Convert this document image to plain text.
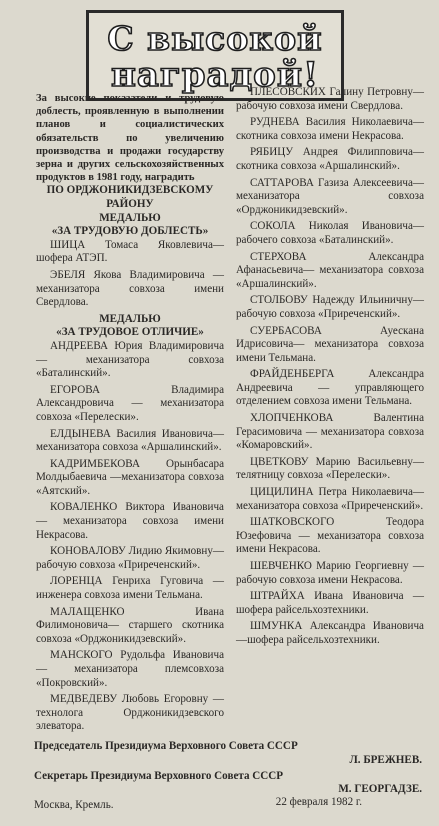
С высокой
наградой!

За высокие показатели и трудовую доблесть, проявленную в выполнении планов и социалистических обязательств по увеличению производства и продажи государству зерна и других сельскохозяйственных продуктов в 1981 году, наградить

ПО ОРДЖОНИКИДЗЕВСКОМУ РАЙОНУ

МЕДАЛЬЮ

«ЗА ТРУДОВУЮ ДОБЛЕСТЬ»

ШИЦА Томаса Яковлевича— шофера АТЭП.

ЭБЕЛЯ Якова Владимировича —механизатора совхоза имени Свердлова.

МЕДАЛЬЮ

«ЗА ТРУДОВОЕ ОТЛИЧИЕ»

АНДРЕЕВА Юрия Владимировича— механизатора совхоза «Баталинский».

ЕГОРОВА Владимира Александровича — механизатора совхоза «Перелески».

ЕЛДЫНЕВА Василия Ивановича— механизатора совхоза «Аршалинский».

КАДРИМБЕКОВА Орынбасара Молдыбаевича —механизатора совхоза «Аятский».

КОВАЛЕНКО Виктора Ивановича— механизатора совхоза имени Некрасова.

КОНОВАЛОВУ Лидию Якимовну—рабочую совхоза «Приреченский».

ЛОРЕНЦА Генриха Гуговича —инженера совхоза имени Тельмана.

МАЛАЩЕНКО Ивана Филимоновича— старшего скотника совхоза «Орджоникидзевский».

МАНСКОГО Рудольфа Ивановича— механизатора племсовхоза «Покровский».

МЕДВЕДЕВУ Любовь Егоровну —технолога Орджоникидзевского элеватора.

ПЛЕСОВСКИХ Галину Петровну— рабочую совхоза имени Свердлова.

РУДНЕВА Василия Николаевича— скотника совхоза имени Некрасова.

РЯБИЦУ Андрея Филипповича—скотника совхоза «Аршалинский».

САТТАРОВА Газиза Алексеевича— механизатора совхоза «Орджоникидзевский».

СОКОЛА Николая Ивановича—рабочего совхоза «Баталинский».

СТЕРХОВА Александра Афанасьевича— механизатора совхоза «Аршалинский».

СТОЛБОВУ Надежду Ильиничну—рабочую совхоза «Приреченский».

СУЕРБАСОВА Ауескана Идрисовича— механизатора совхоза имени Тельмана.

ФРАЙДЕНБЕРГА Александра Андреевича — управляющего отделением совхоза имени Тельмана.

ХЛОПЧЕНКОВА Валентина Герасимовича — механизатора совхоза «Комаровский».

ЦВЕТКОВУ Марию Васильевну— телятницу совхоза «Перелески».

ЦИЦИЛИНА Петра Николаевича—механизатора совхоза «Приреченский».

ШАТКОВСКОГО Теодора Юзефовича — механизатора совхоза имени Некрасова.

ШЕВЧЕНКО Марию Георгиевну —рабочую совхоза имени Некрасова.

ШТРАЙХА Ивана Ивановича — шофера райсельхозтехники.

ШМУНКА Александра Ивановича —шофера райсельхозтехники.

Председатель Президиума Верховного Совета СССР
Л. БРЕЖНЕВ.
Секретарь Президиума Верховного Совета СССР
М. ГЕОРГАДЗЕ.
Москва, Кремль.	22 февраля 1982 г.
